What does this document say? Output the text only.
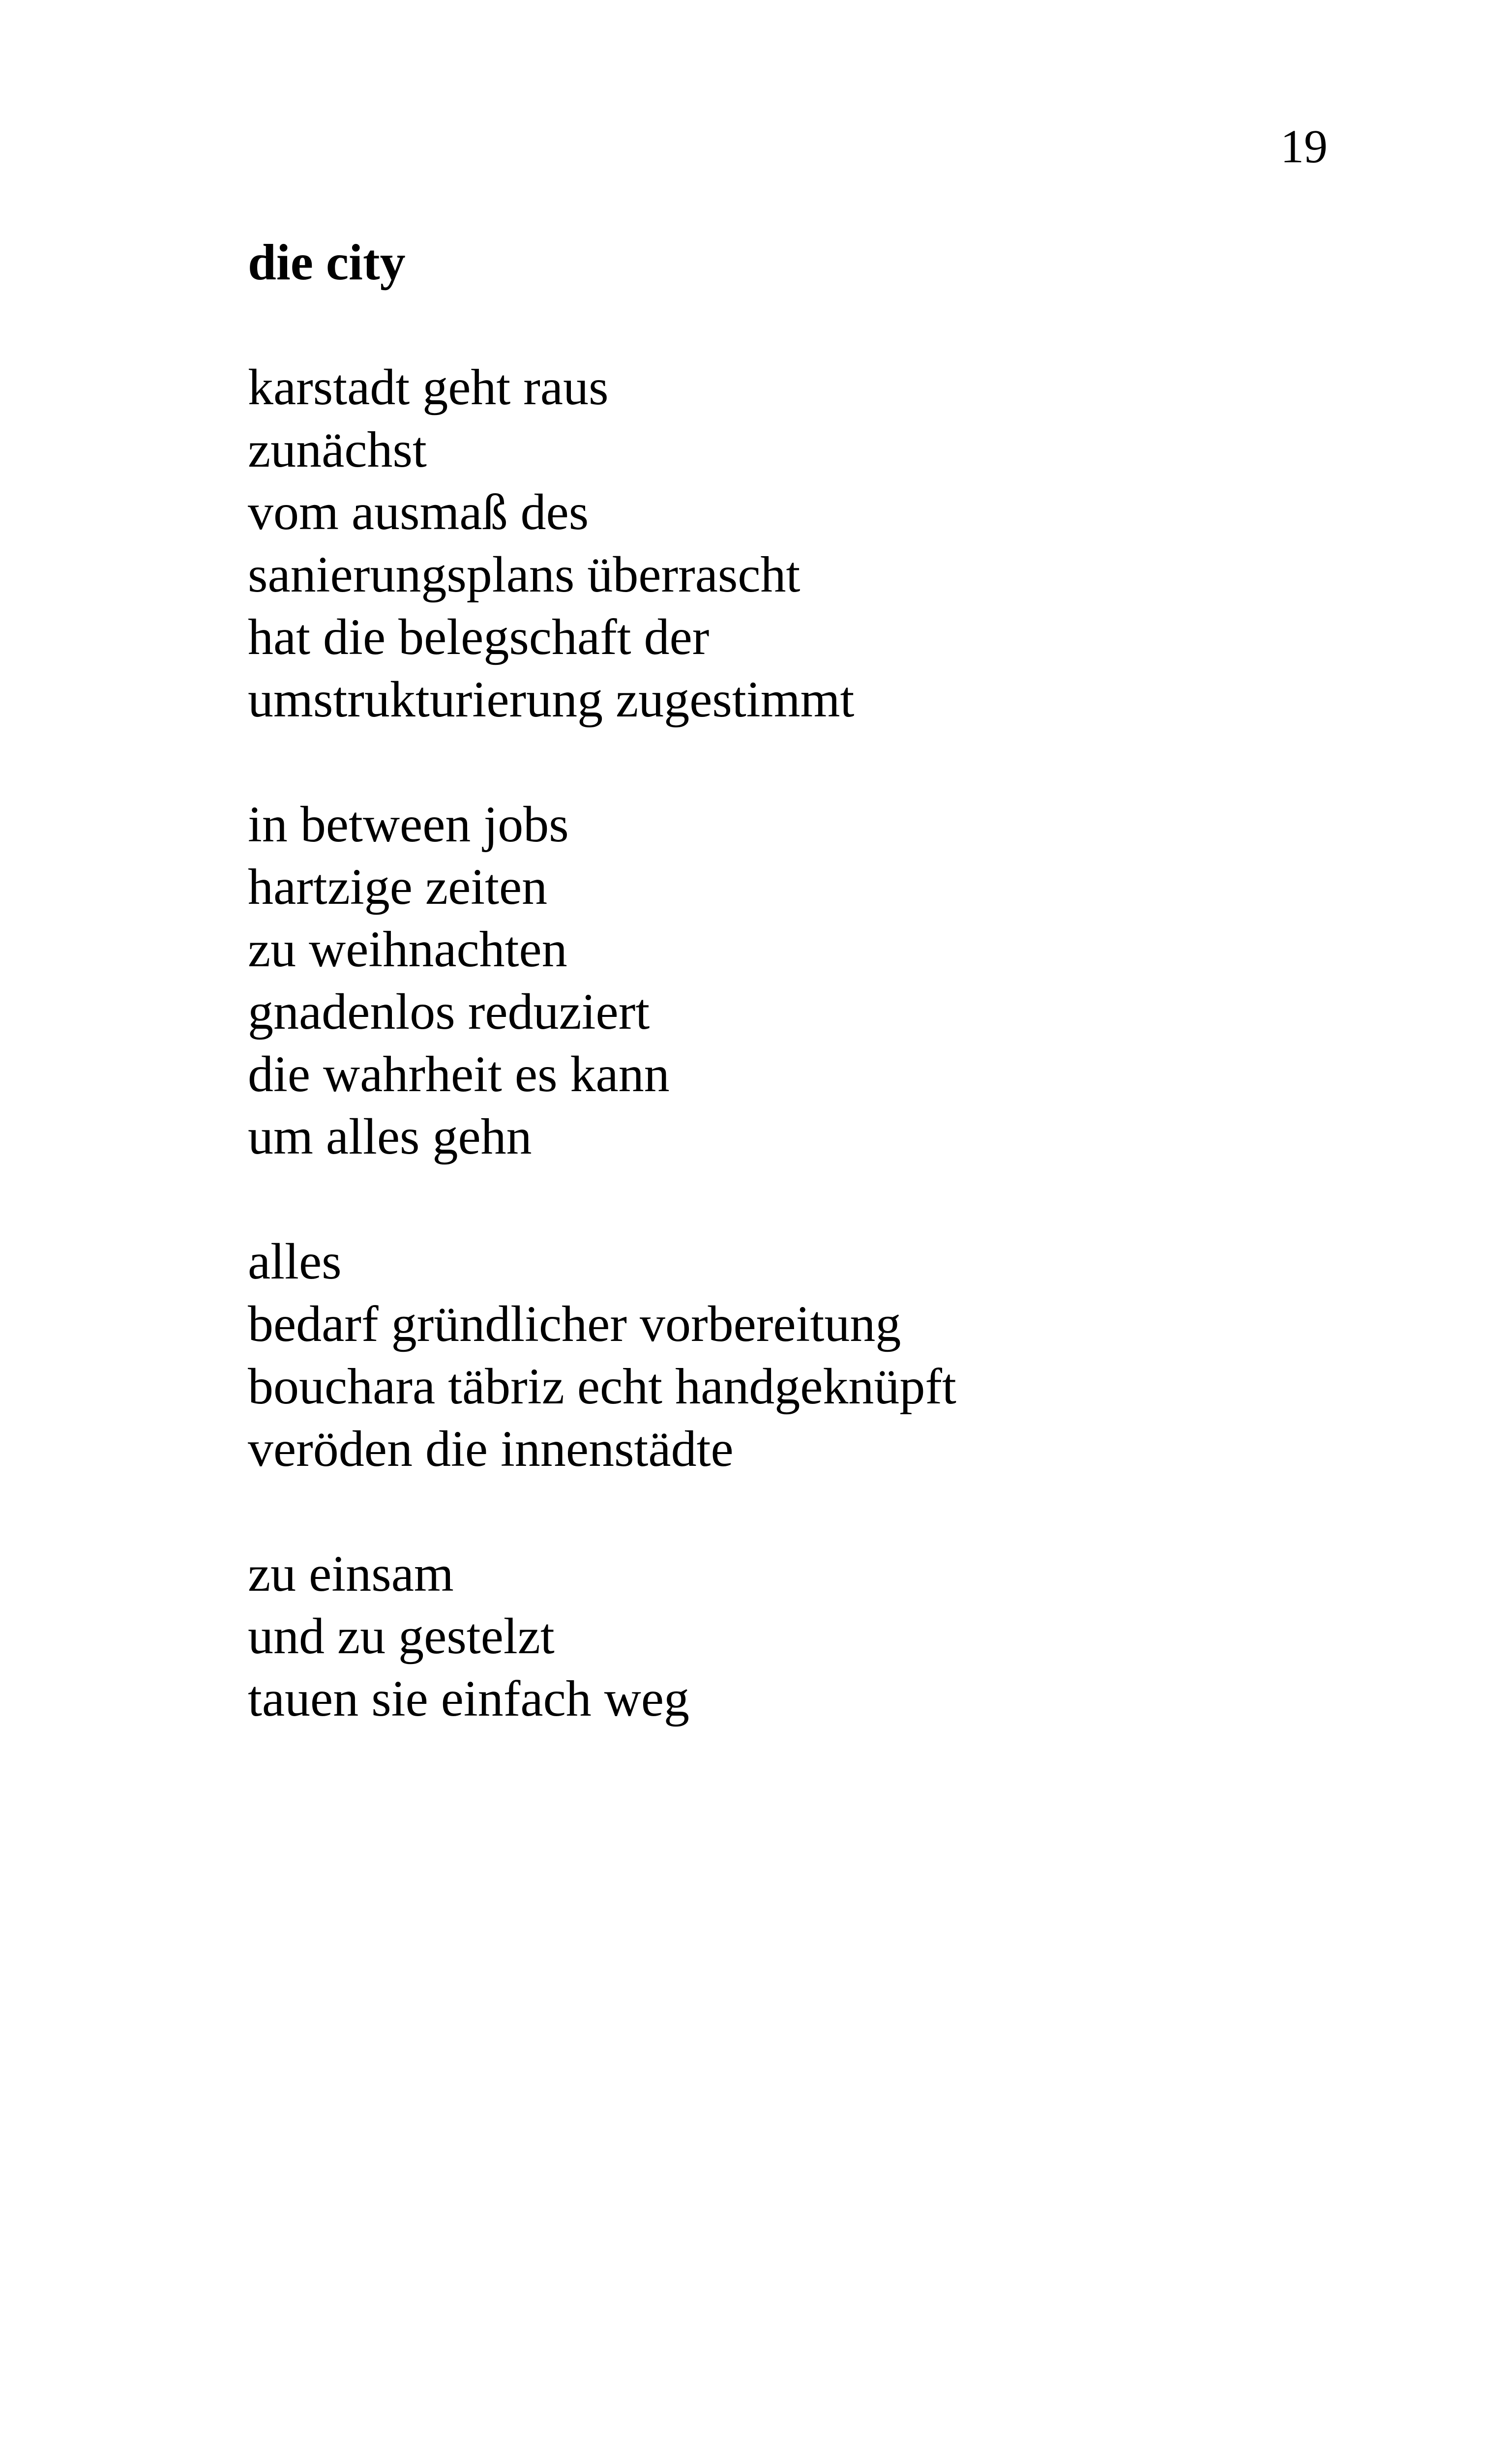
19
die city
karstadt geht raus
zunächst
vom ausmaß des
sanierungsplans überrascht
hat die belegschaft der
umstrukturierung zugestimmt
in between jobs
hartzige zeiten
zu weihnachten
gnadenlos reduziert
die wahrheit es kann
um alles gehn
alles
bedarf gründlicher vorbereitung
bouchara täbriz echt handgeknüpft
veröden die innenstädte
zu einsam
und zu gestelzt
tauen sie einfach weg
